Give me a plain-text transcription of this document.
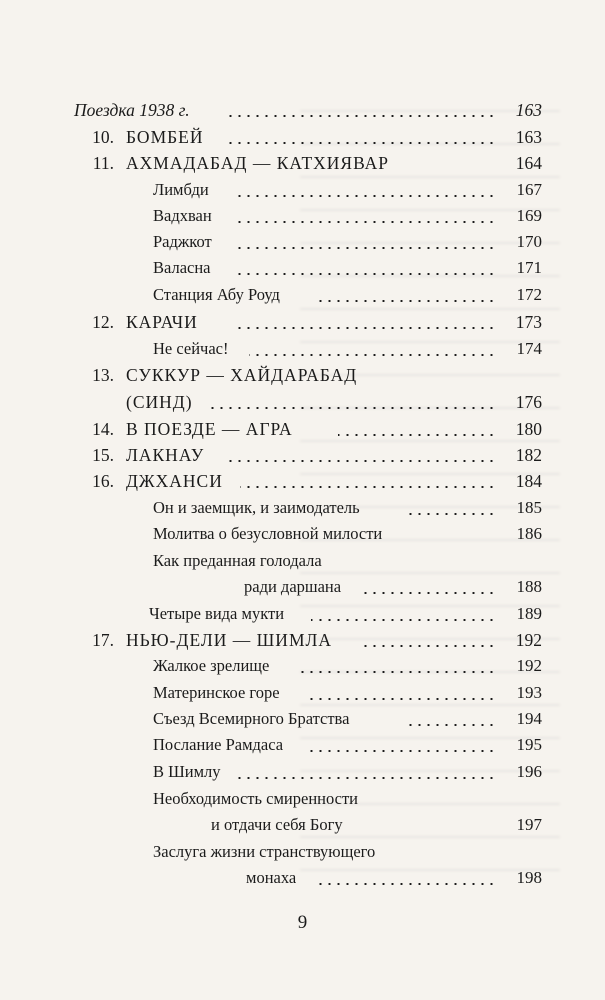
Поездка 1938 г.	163
10. БОМБЕЙ	163
11. АХМАДАБАД — КАТХИЯВАР	164
Лимбди	167
Вадхван	169
Раджкот	170
Валасна	171
Станция Абу Роуд	172
12. КАРАЧИ	173
Не сейчас!	174
13. СУККУР — ХАЙДАРАБАД
(СИНД)	176
14. В ПОЕЗДЕ — АГРА	180
15. ЛАКНАУ	182
16. ДЖХАНСИ	184
Он и заемщик, и заимодатель	185
Молитва о безусловной милости	186
Как преданная голодала
ради даршана	188
Четыре вида мукти	189
17. НЬЮ-ДЕЛИ — ШИМЛА	192
Жалкое зрелище	192
Материнское горе	193
Съезд Всемирного Братства	194
Послание Рамдаса	195
В Шимлу	196
Необходимость смиренности
и отдачи себя Богу	197
Заслуга жизни странствующего
монаха	198
9
